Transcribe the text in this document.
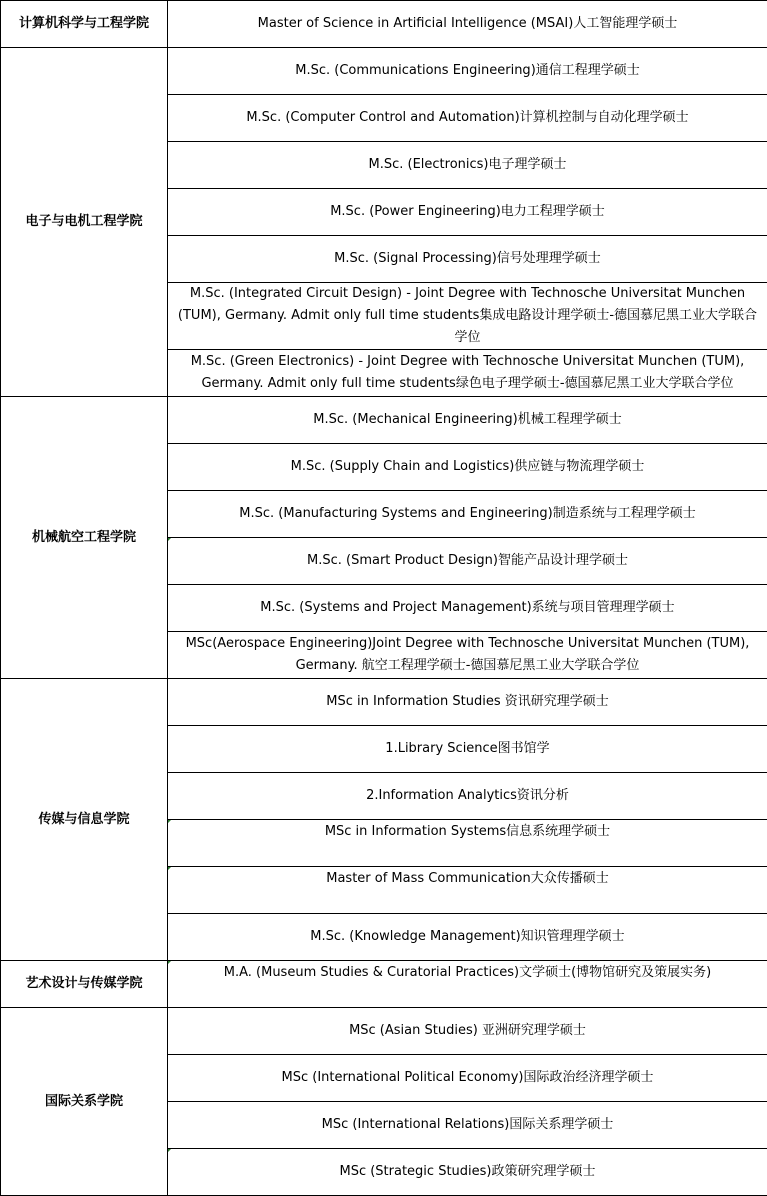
计算机科学与工程学院	Master of Science in Artificial Intelligence (MSAI)人工智能理学硕士
电子与电机工程学院	M.Sc. (Communications Engineering)通信工程理学硕士
	M.Sc. (Computer Control and Automation)计算机控制与自动化理学硕士
	M.Sc. (Electronics)电子理学硕士
	M.Sc. (Power Engineering)电力工程理学硕士
	M.Sc. (Signal Processing)信号处理理学硕士
	M.Sc. (Integrated Circuit Design) - Joint Degree with Technosche Universitat Munchen (TUM), Germany. Admit only full time students集成电路设计理学硕士-德国慕尼黑工业大学联合学位
	M.Sc. (Green Electronics) - Joint Degree with Technosche Universitat Munchen (TUM), Germany. Admit only full time students绿色电子理学硕士-德国慕尼黑工业大学联合学位
机械航空工程学院	M.Sc. (Mechanical Engineering)机械工程理学硕士
	M.Sc. (Supply Chain and Logistics)供应链与物流理学硕士
	M.Sc. (Manufacturing Systems and Engineering)制造系统与工程理学硕士
	M.Sc. (Smart Product Design)智能产品设计理学硕士
	M.Sc. (Systems and Project Management)系统与项目管理理学硕士
	MSc(Aerospace Engineering)Joint Degree with Technosche Universitat Munchen (TUM), Germany. 航空工程理学硕士-德国慕尼黑工业大学联合学位
传媒与信息学院	MSc in Information Studies 资讯研究理学硕士
	1.Library Science图书馆学
	2.Information Analytics资讯分析
	MSc in Information Systems信息系统理学硕士
	Master of Mass Communication大众传播硕士
	M.Sc. (Knowledge Management)知识管理理学硕士
艺术设计与传媒学院	M.A. (Museum Studies & Curatorial Practices)文学硕士(博物馆研究及策展实务)
国际关系学院	MSc (Asian Studies) 亚洲研究理学硕士
	MSc (International Political Economy)国际政治经济理学硕士
	MSc (International Relations)国际关系理学硕士
	MSc (Strategic Studies)政策研究理学硕士
